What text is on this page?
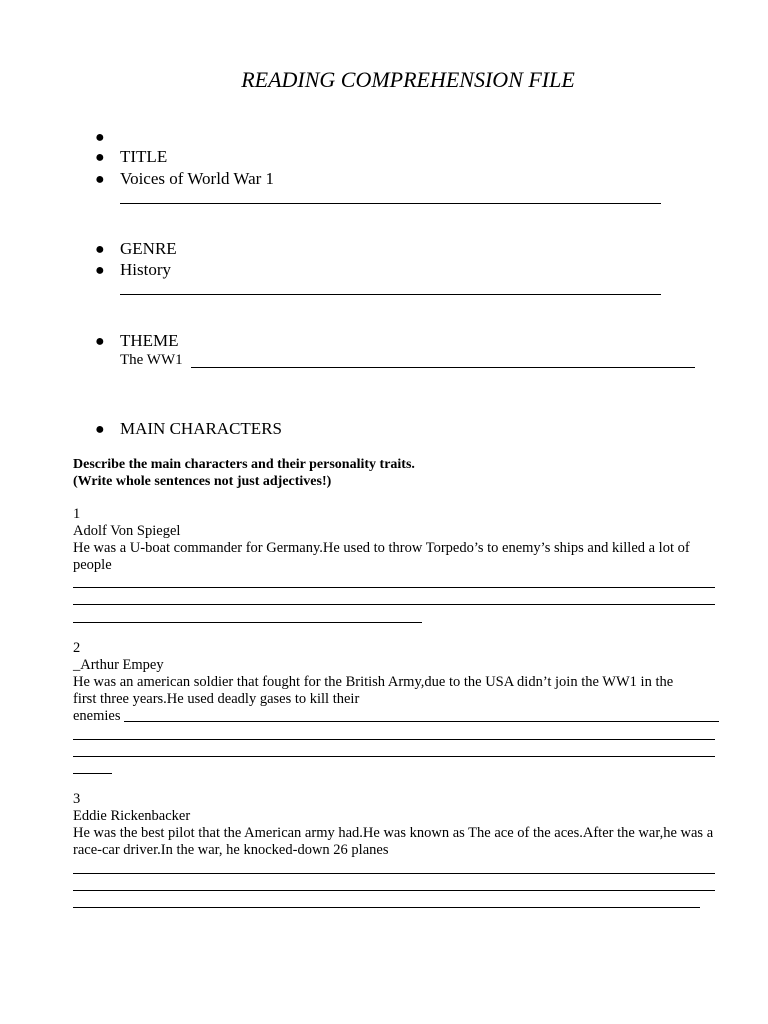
READING COMPREHENSION FILE
●
● TITLE
● Voices of World War 1
● GENRE
● History
● THEME
The WW1
● MAIN CHARACTERS
Describe the main characters and their personality traits.
(Write whole sentences not just adjectives!)
1
Adolf Von Spiegel
He was a U-boat commander for Germany.He used to throw Torpedo’s to enemy’s ships and killed a lot of people
2
_Arthur Empey
He was an american soldier that fought for the British Army,due to the USA didn’t join the WW1 in the
first three years.He used deadly gases to kill their
enemies
3
Eddie Rickenbacker
He was the best pilot that the American army had.He was known as The ace of the aces.After the war,he was a race-car driver.In the war, he knocked-down 26 planes
